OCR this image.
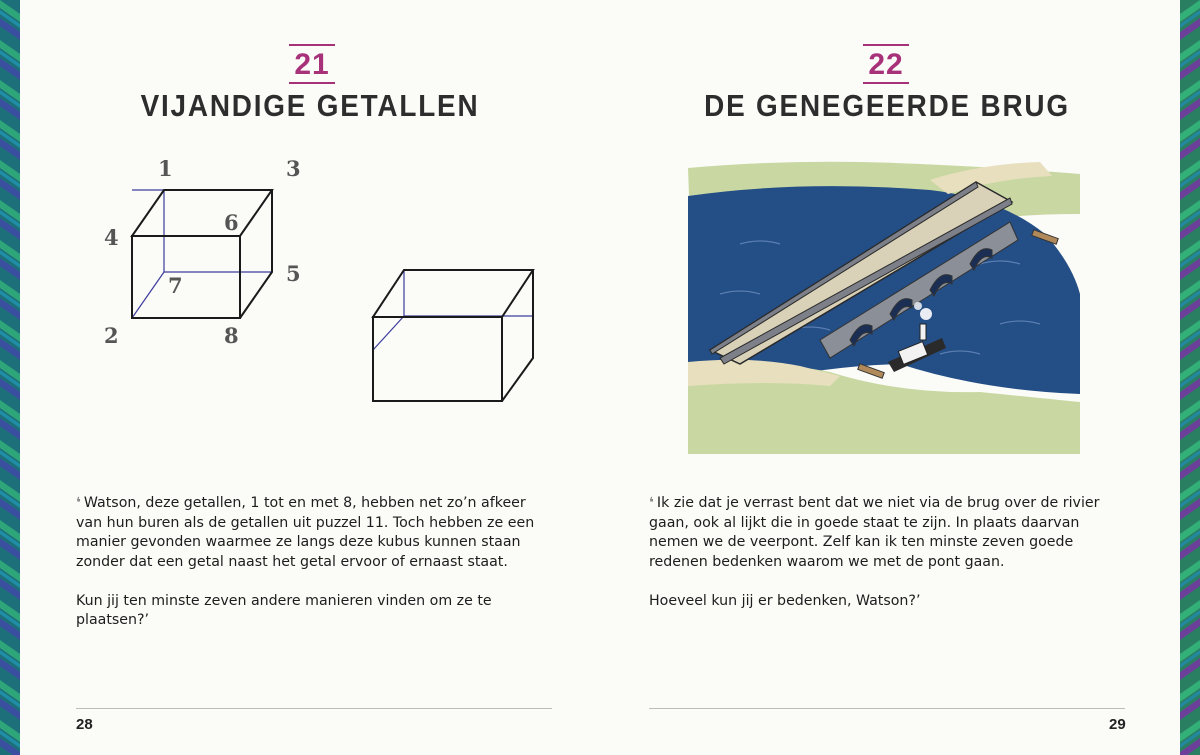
21
VIJANDIGE GETALLEN
1	3
6
4
5
7
2	8

❛ Watson, deze getallen, 1 tot en met 8, hebben net zo’n afkeer van hun buren als de getallen uit puzzel 11. Toch hebben ze een manier gevonden waarmee ze langs deze kubus kunnen staan zonder dat een getal naast het getal ervoor of ernaast staat.

Kun jij ten minste zeven andere manieren vinden om ze te plaatsen?’

28
22
DE GENEGEERDE BRUG

❛ Ik zie dat je verrast bent dat we niet via de brug over de rivier gaan, ook al lijkt die in goede staat te zijn. In plaats daarvan nemen we de veerpont. Zelf kan ik ten minste zeven goede redenen bedenken waarom we met de pont gaan.

Hoeveel kun jij er bedenken, Watson?’

29
